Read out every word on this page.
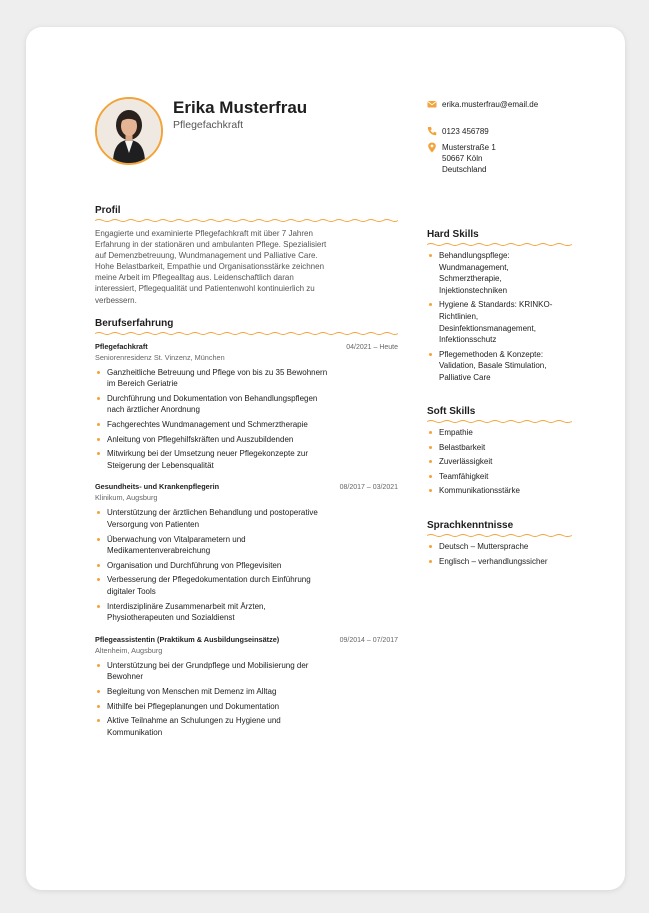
Erika Musterfrau
Pflegefachkraft
Profil
Engagierte und examinierte Pflegefachkraft mit über 7 Jahren
Erfahrung in der stationären und ambulanten Pflege. Spezialisiert
auf Demenzbetreuung, Wundmanagement und Palliative Care.
Hohe Belastbarkeit, Empathie und Organisationsstärke zeichnen
meine Arbeit im Pflegealltag aus. Leidenschaftlich daran
interessiert, Pflegequalität und Patientenwohl kontinuierlich zu
verbessern.
Berufserfahrung
Pflegefachkraft	04/2021 – Heute
Seniorenresidenz St. Vinzenz, München
Ganzheitliche Betreuung und Pflege von bis zu 35 Bewohnern
im Bereich Geriatrie
Durchführung und Dokumentation von Behandlungspflegen
nach ärztlicher Anordnung
Fachgerechtes Wundmanagement und Schmerztherapie
Anleitung von Pflegehilfskräften und Auszubildenden
Mitwirkung bei der Umsetzung neuer Pflegekonzepte zur
Steigerung der Lebensqualität
Gesundheits- und Krankenpflegerin	08/2017 – 03/2021
Klinikum, Augsburg
Unterstützung der ärztlichen Behandlung und postoperative
Versorgung von Patienten
Überwachung von Vitalparametern und
Medikamentenverabreichung
Organisation und Durchführung von Pflegevisiten
Verbesserung der Pflegedokumentation durch Einführung
digitaler Tools
Interdisziplinäre Zusammenarbeit mit Ärzten,
Physiotherapeuten und Sozialdienst
Pflegeassistentin (Praktikum & Ausbildungseinsätze)	09/2014 – 07/2017
Altenheim, Augsburg
Unterstützung bei der Grundpflege und Mobilisierung der
Bewohner
Begleitung von Menschen mit Demenz im Alltag
Mithilfe bei Pflegeplanungen und Dokumentation
Aktive Teilnahme an Schulungen zu Hygiene und
Kommunikation
erika.musterfrau@email.de
0123 456789
Musterstraße 1
50667 Köln
Deutschland
Hard Skills
Behandlungspflege:
Wundmanagement,
Schmerztherapie,
Injektionstechniken
Hygiene & Standards: KRINKO-
Richtlinien,
Desinfektionsmanagement,
Infektionsschutz
Pflegemethoden & Konzepte:
Validation, Basale Stimulation,
Palliative Care
Soft Skills
Empathie
Belastbarkeit
Zuverlässigkeit
Teamfähigkeit
Kommunikationsstärke
Sprachkenntnisse
Deutsch – Muttersprache
Englisch – verhandlungssicher
